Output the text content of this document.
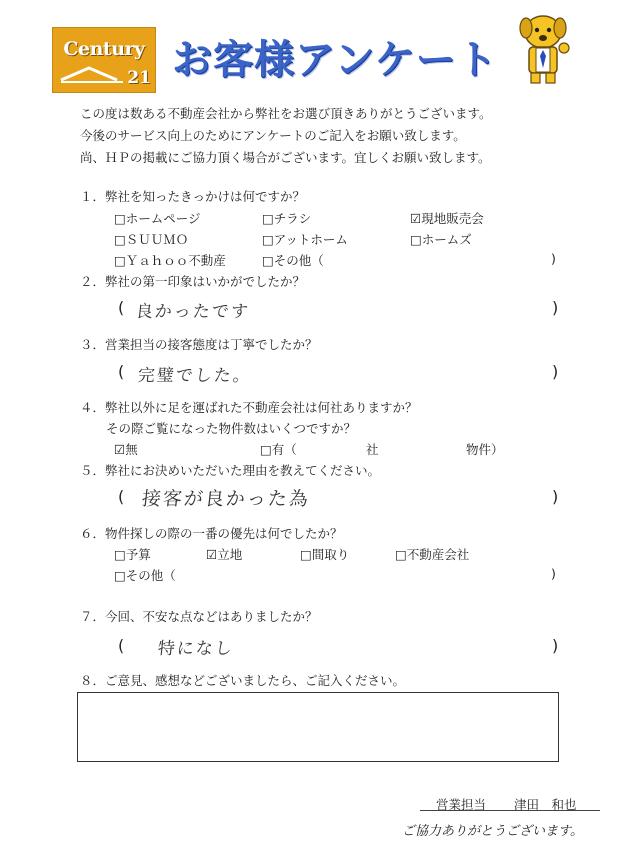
Century
21 お客様アンケート
この度は数ある不動産会社から弊社をお選び頂きありがとうございます。
今後のサービス向上のためにアンケートのご記入をお願い致します。
尚、ＨＰの掲載にご協力頂く場合がございます。宜しくお願い致します。
１．弊社を知ったきっかけは何ですか？
□ホームページ	□チラシ	☑現地販売会
□ＳＵＵＭＯ	□アットホーム	□ホームズ
□Ｙａｈｏｏ不動産	□その他（	)
２．弊社の第一印象はいかがでしたか？
( 良かったです	)
３．営業担当の接客態度は丁寧でしたか？
( 完璧でした。	)
４．弊社以外に足を運ばれた不動産会社は何社ありますか？
その際ご覧になった物件数はいくつですか？
☑無	□有（	社	物件）
５．弊社にお決めいただいた理由を教えてください。
( 接客が良かった為	)
６．物件探しの際の一番の優先は何でしたか？
□予算	☑立地	□間取り	□不動産会社
□その他（	)
７．今回、不安な点などはありましたか？
( 特になし	)
８．ご意見、感想などございましたら、ご記入ください。
営業担当 津田　和也
ご協力ありがとうございます。
